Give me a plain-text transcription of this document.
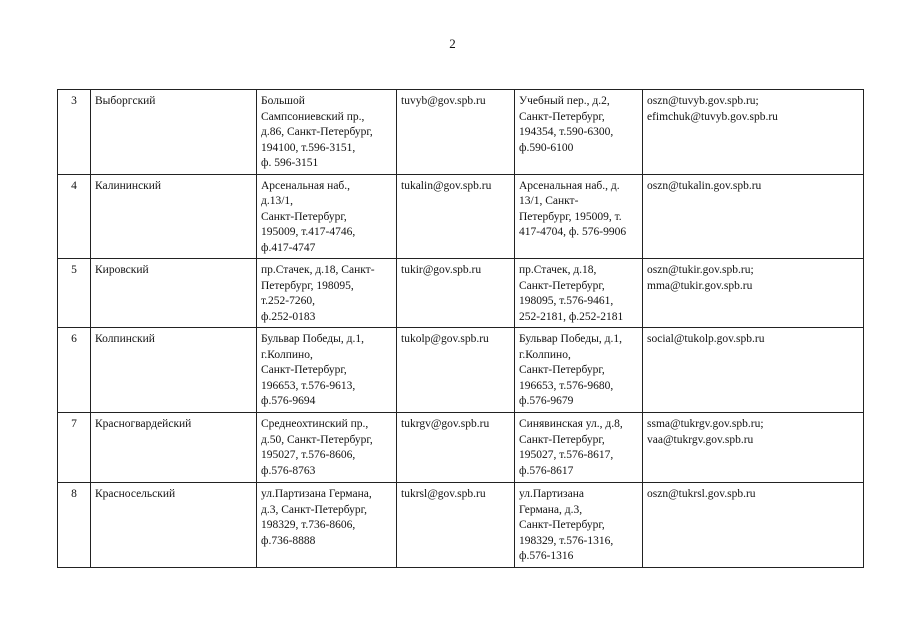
2
3	Выборгский	Большой
Сампсониевский пр.,
д.86, Санкт-Петербург,
194100, т.596-3151,
ф. 596-3151	tuvyb@gov.spb.ru	Учебный пер., д.2,
Санкт-Петербург,
194354, т.590-6300,
ф.590-6100	oszn@tuvyb.gov.spb.ru;
efimchuk@tuvyb.gov.spb.ru
4	Калининский	Арсенальная наб.,
д.13/1,
Санкт-Петербург,
195009, т.417-4746,
ф.417-4747	tukalin@gov.spb.ru	Арсенальная наб., д.
13/1, Санкт-
Петербург, 195009, т.
417-4704, ф. 576-9906	oszn@tukalin.gov.spb.ru
5	Кировский	пр.Стачек, д.18, Санкт-
Петербург, 198095,
т.252-7260,
ф.252-0183	tukir@gov.spb.ru	пр.Стачек, д.18,
Санкт-Петербург,
198095, т.576-9461,
252-2181, ф.252-2181	oszn@tukir.gov.spb.ru;
mma@tukir.gov.spb.ru
6	Колпинский	Бульвар Победы, д.1,
г.Колпино,
Санкт-Петербург,
196653, т.576-9613,
ф.576-9694	tukolp@gov.spb.ru	Бульвар Победы, д.1,
г.Колпино,
Санкт-Петербург,
196653, т.576-9680,
ф.576-9679	social@tukolp.gov.spb.ru
7	Красногвардейский	Среднеохтинский пр.,
д.50, Санкт-Петербург,
195027, т.576-8606,
ф.576-8763	tukrgv@gov.spb.ru	Синявинская ул., д.8,
Санкт-Петербург,
195027, т.576-8617,
ф.576-8617	ssma@tukrgv.gov.spb.ru;
vaa@tukrgv.gov.spb.ru
8	Красносельский	ул.Партизана Германа,
д.3, Санкт-Петербург,
198329, т.736-8606,
ф.736-8888	tukrsl@gov.spb.ru	ул.Партизана
Германа, д.3,
Санкт-Петербург,
198329, т.576-1316,
ф.576-1316	oszn@tukrsl.gov.spb.ru
